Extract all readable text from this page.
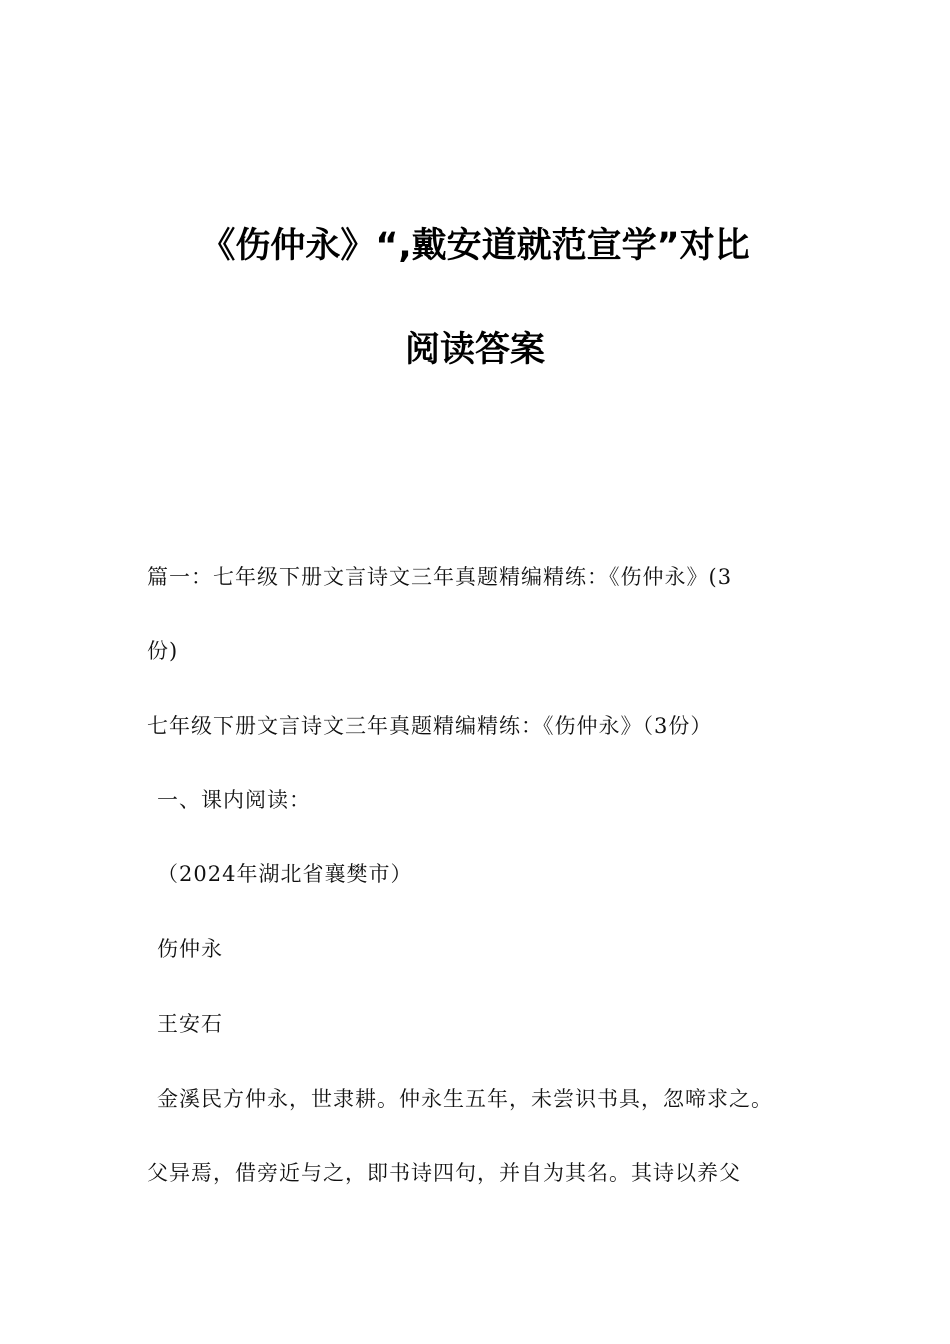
《伤仲永》“,戴安道就范宣学”对比
阅读答案
篇一：七年级下册文言诗文三年真题精编精练：《伤仲永》(3
份)
七年级下册文言诗文三年真题精编精练：《伤仲永》（3份）
一、课内阅读：
（2024年湖北省襄樊市）
伤仲永
王安石
金溪民方仲永，世隶耕。仲永生五年，未尝识书具，忽啼求之。
父异焉，借旁近与之，即书诗四句，并自为其名。其诗以养父
